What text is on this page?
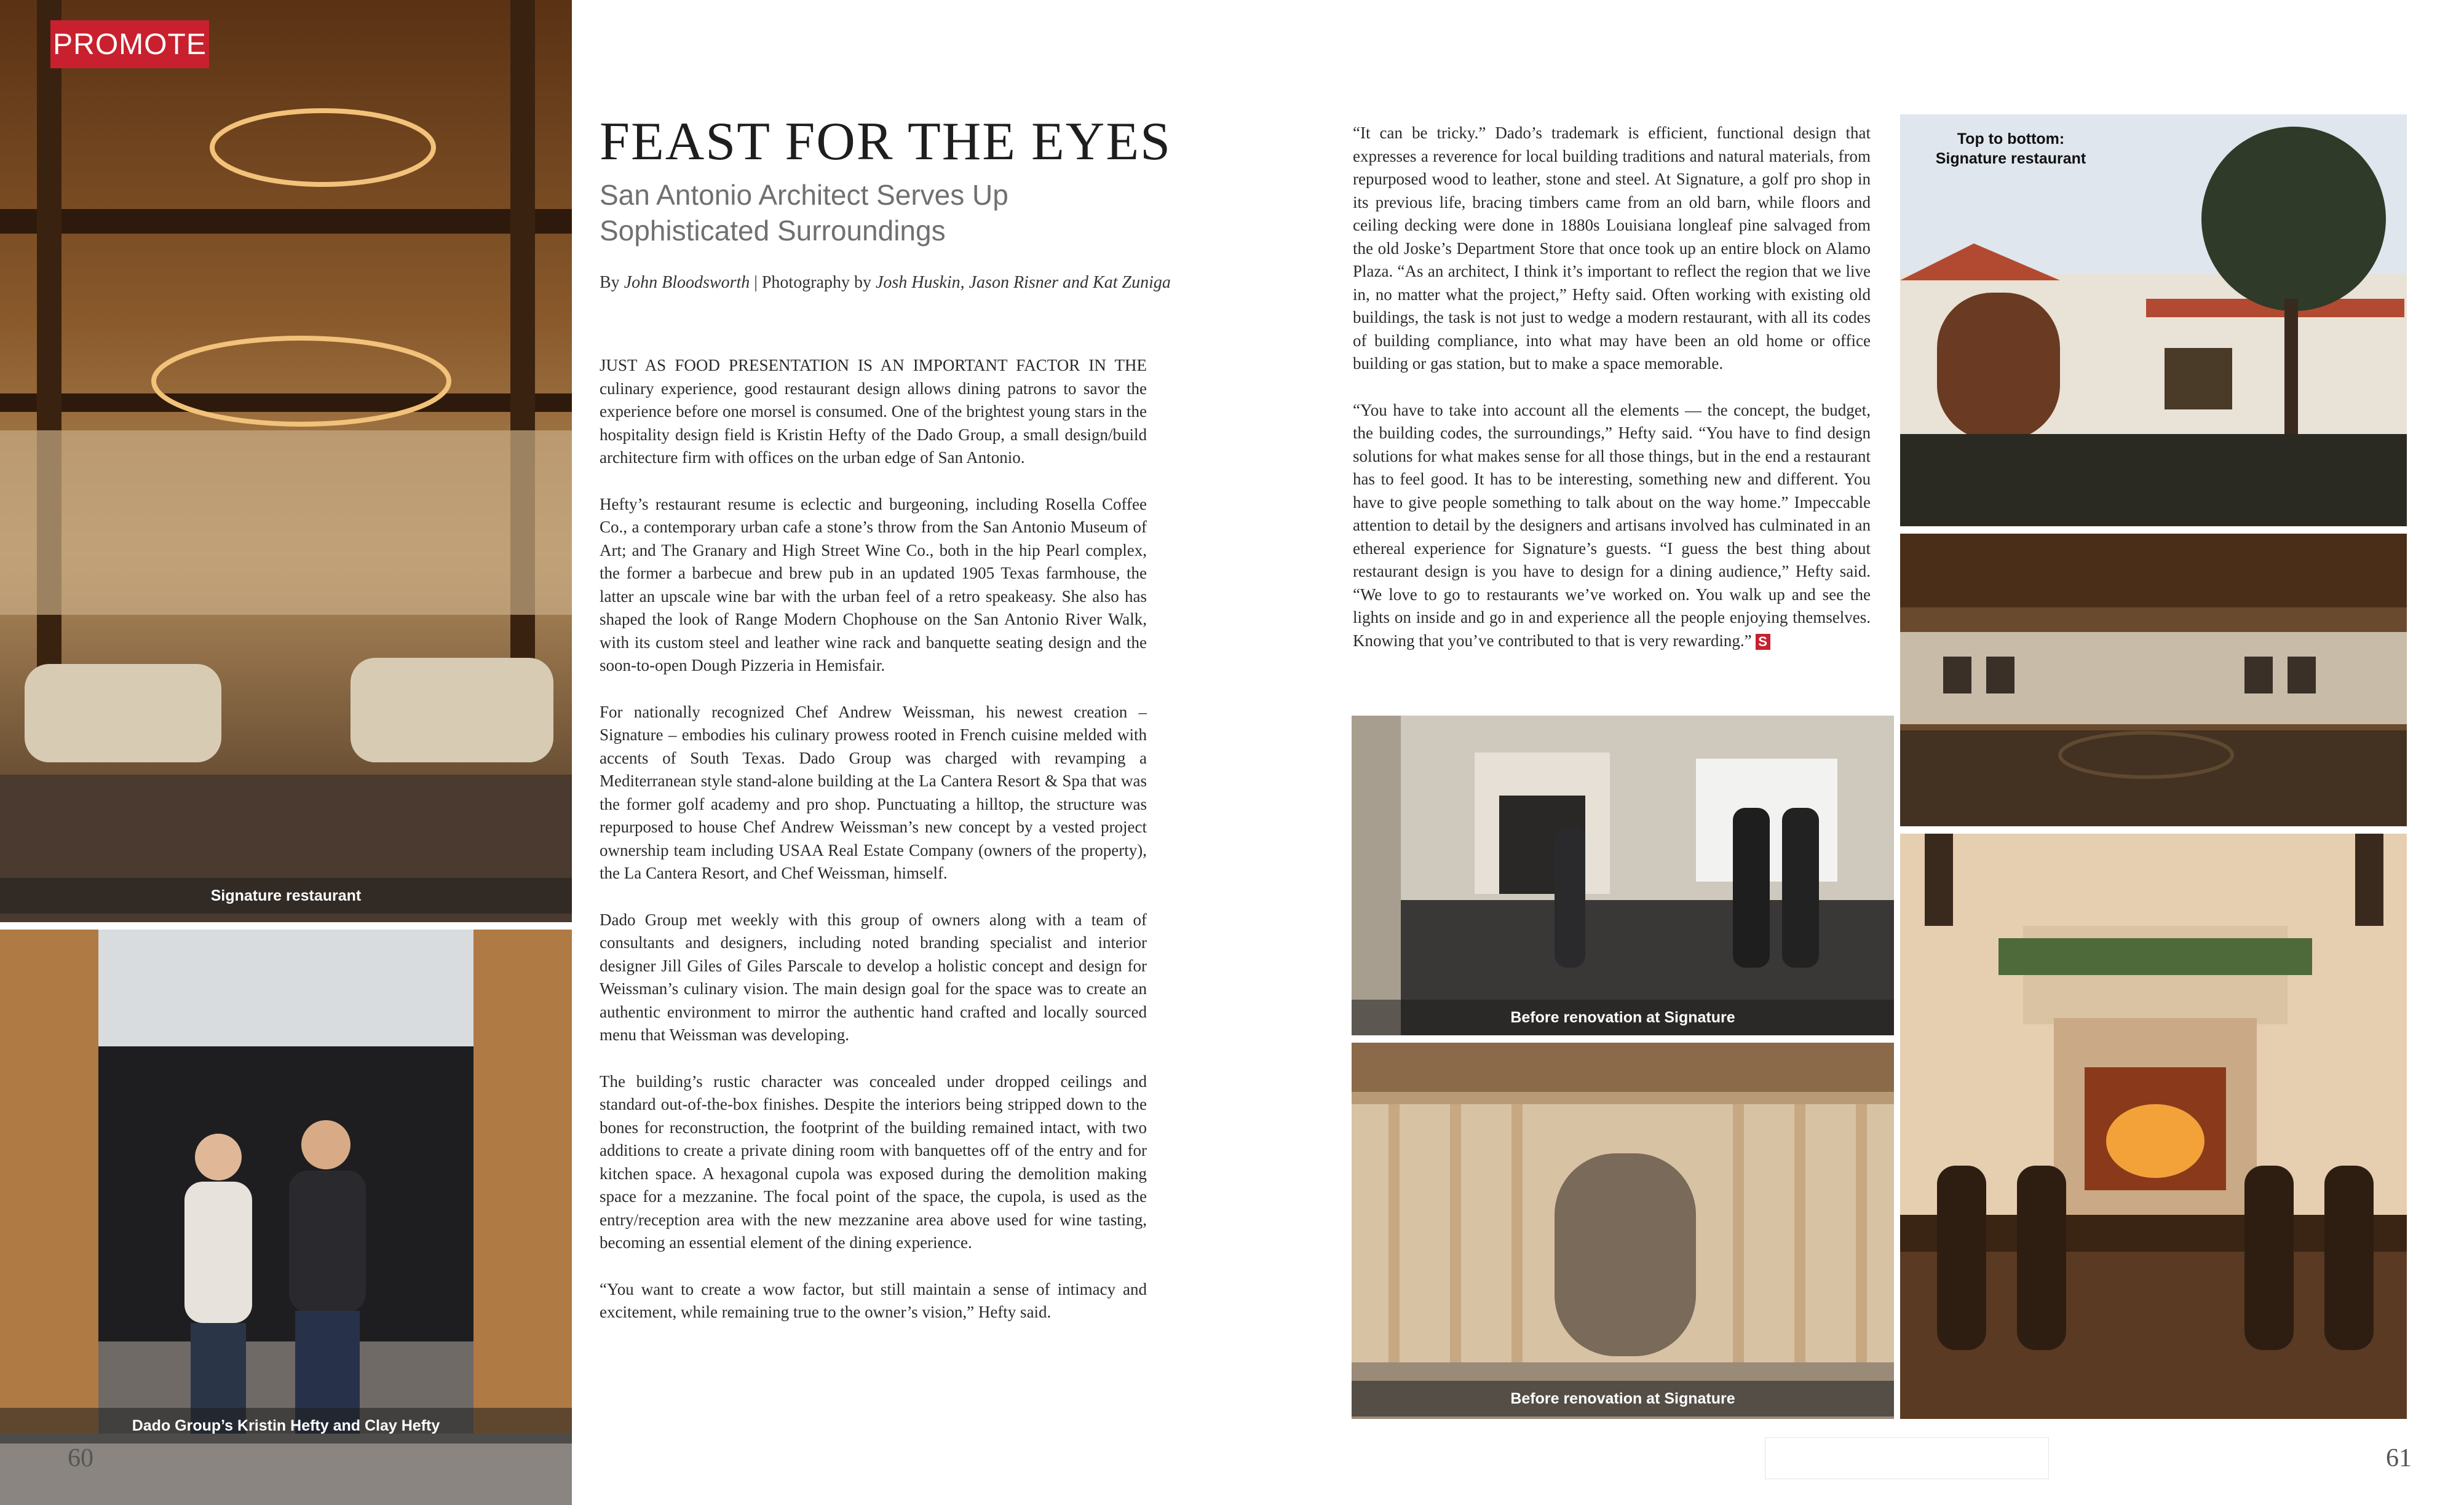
Signature restaurant
Dado Group’s Kristin Hefty and Clay Hefty
PROMOTE
60
FEAST FOR THE EYES
San Antonio Architect Serves Up
Sophisticated Surroundings
By John Bloodsworth | Photography by Josh Huskin, Jason Risner and Kat Zuniga

JUST AS FOOD PRESENTATION IS AN IMPORTANT FACTOR IN THE culinary experience, good restaurant design allows dining patrons to savor the experience before one morsel is consumed. One of the brightest young stars in the hospitality design field is Kristin Hefty of the Dado Group, a small design/build architecture firm with offices on the urban edge of San Antonio.

Hefty’s restaurant resume is eclectic and burgeoning, including Rosella Coffee Co., a contemporary urban cafe a stone’s throw from the San Antonio Museum of Art; and The Granary and High Street Wine Co., both in the hip Pearl complex, the former a barbecue and brew pub in an updated 1905 Texas farmhouse, the latter an upscale wine bar with the urban feel of a retro speakeasy. She also has shaped the look of Range Modern Chophouse on the San Antonio River Walk, with its custom steel and leather wine rack and banquette seating design and the soon-to-open Dough Pizzeria in Hemisfair.

For nationally recognized Chef Andrew Weissman, his newest creation – Signature – embodies his culinary prowess rooted in French cuisine melded with accents of South Texas. Dado Group was charged with revamping a Mediterranean style stand-alone building at the La Cantera Resort & Spa that was the former golf academy and pro shop. Punctuating a hilltop, the structure was repurposed to house Chef Andrew Weissman’s new concept by a vested project ownership team including USAA Real Estate Company (owners of the property), the La Cantera Resort, and Chef Weissman, himself.

Dado Group met weekly with this group of owners along with a team of consultants and designers, including noted branding specialist and interior designer Jill Giles of Giles Parscale to develop a holistic concept and design for Weissman’s culinary vision. The main design goal for the space was to create an authentic environment to mirror the authentic hand crafted and locally sourced menu that Weissman was developing.

The building’s rustic character was concealed under dropped ceilings and standard out-of-the-box finishes. Despite the interiors being stripped down to the bones for reconstruction, the footprint of the building remained intact, with two additions to create a private dining room with banquettes off of the entry and for kitchen space. A hexagonal cupola was exposed during the demolition making space for a mezzanine. The focal point of the space, the cupola, is used as the entry/reception area with the new mezzanine area above used for wine tasting, becoming an essential element of the dining experience.

“You want to create a wow factor, but still maintain a sense of intimacy and excitement, while remaining true to the owner’s vision,” Hefty said.

“It can be tricky.” Dado’s trademark is efficient, functional design that expresses a reverence for local building traditions and natural materials, from repurposed wood to leather, stone and steel. At Signature, a golf pro shop in its previous life, bracing timbers came from an old barn, while floors and ceiling decking were done in 1880s Louisiana longleaf pine salvaged from the old Joske’s Department Store that once took up an entire block on Alamo Plaza. “As an architect, I think it’s important to reflect the region that we live in, no matter what the project,” Hefty said. Often working with existing old buildings, the task is not just to wedge a modern restaurant, with all its codes of building compliance, into what may have been an old home or office building or gas station, but to make a space memorable.

“You have to take into account all the elements — the concept, the budget, the building codes, the surroundings,” Hefty said. “You have to find design solutions for what makes sense for all those things, but in the end a restaurant has to feel good. It has to be interesting, something new and different. You have to give people something to talk about on the way home.” Impeccable attention to detail by the designers and artisans involved has culminated in an ethereal experience for Signature’s guests. “I guess the best thing about restaurant design is you have to design for a dining audience,” Hefty said. “We love to go to restaurants we’ve worked on. You walk up and see the lights on inside and go in and experience all the people enjoying themselves. Knowing that you’ve contributed to that is very rewarding.” S

Before renovation at Signature
Before renovation at Signature
Top to bottom:
Signature restaurant
61
